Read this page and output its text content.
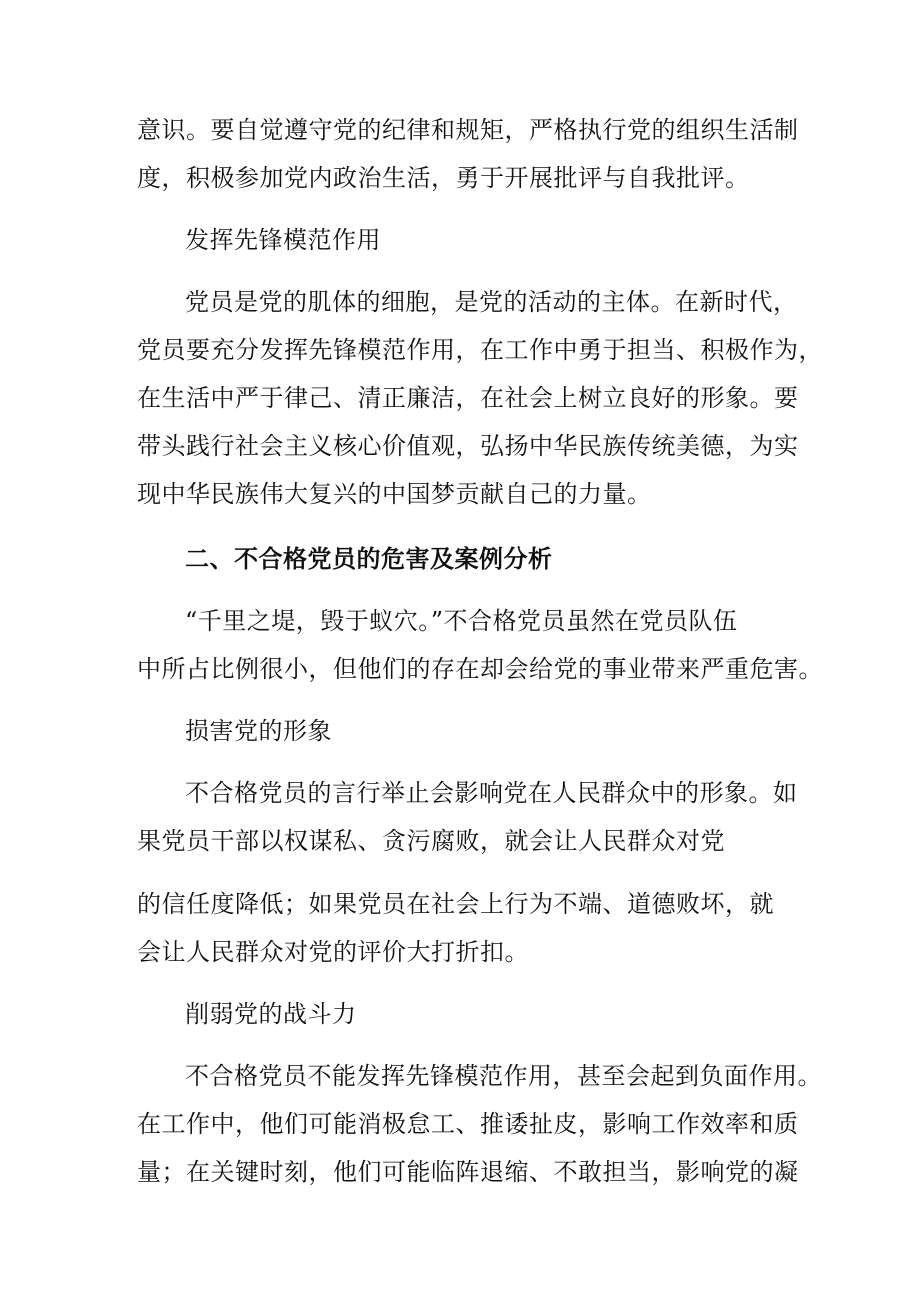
意识。要自觉遵守党的纪律和规矩，严格执行党的组织生活制
度，积极参加党内政治生活，勇于开展批评与自我批评。
发挥先锋模范作用
党员是党的肌体的细胞，是党的活动的主体。在新时代，
党员要充分发挥先锋模范作用，在工作中勇于担当、积极作为，
在生活中严于律己、清正廉洁，在社会上树立良好的形象。要
带头践行社会主义核心价值观，弘扬中华民族传统美德，为实
现中华民族伟大复兴的中国梦贡献自己的力量。
二、不合格党员的危害及案例分析
“千里之堤，毁于蚁穴。”不合格党员虽然在党员队伍
中所占比例很小，但他们的存在却会给党的事业带来严重危害。
损害党的形象
不合格党员的言行举止会影响党在人民群众中的形象。如
果党员干部以权谋私、贪污腐败，就会让人民群众对党
的信任度降低；如果党员在社会上行为不端、道德败坏，就
会让人民群众对党的评价大打折扣。
削弱党的战斗力
不合格党员不能发挥先锋模范作用，甚至会起到负面作用。
在工作中，他们可能消极怠工、推诿扯皮，影响工作效率和质
量；在关键时刻，他们可能临阵退缩、不敢担当，影响党的凝
